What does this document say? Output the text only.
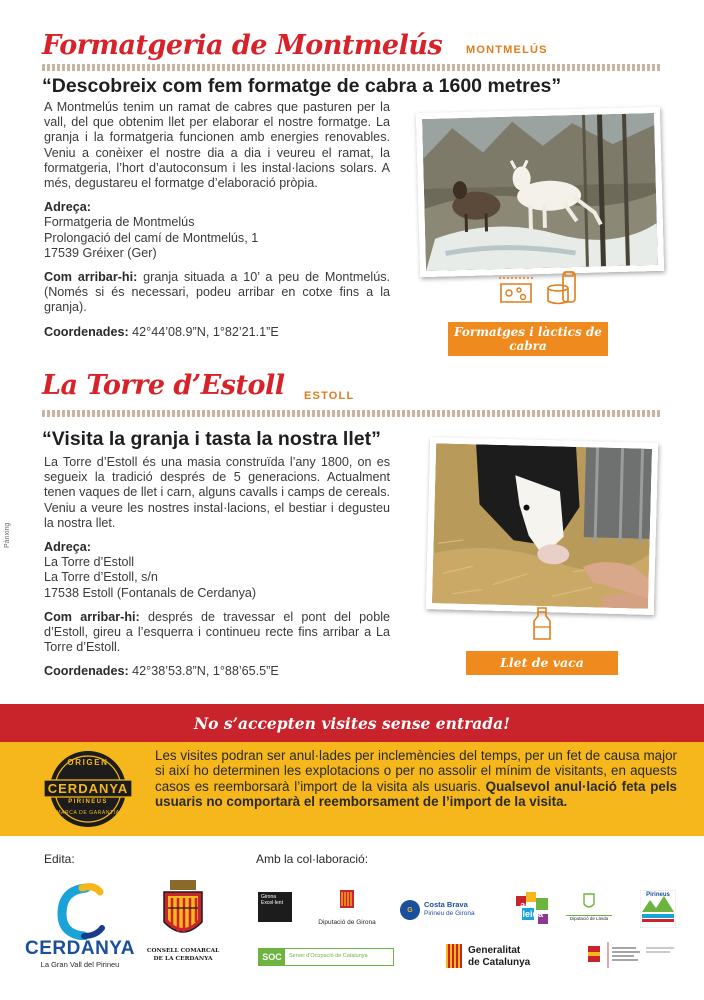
Pànxing
Formatgeria de Montmelús MONTMELÚS
“Descobreix com fem formatge de cabra a 1600 metres”

A Montmelús tenim un ramat de cabres que pasturen per la vall, del que obtenim llet per elaborar el nostre formatge. La granja i la formatgeria funcionen amb energies renovables. Veniu a conèixer el nostre dia a dia i veureu el ramat, la formatgeria, l’hort d’autoconsum i les instal·lacions solars. A més, degustareu el formatge d’elaboració pròpia.

Adreça:
Formatgeria de Montmelús
Prolongació del camí de Montmelús, 1
17539 Gréixer (Ger)

Com arribar-hi: granja situada a 10’ a peu de Montmelús. (Només si és necessari, podeu arribar en cotxe fins a la granja).

Coordenades: 42°44’08.9”N, 1°82’21.1”E	Formatges i làctics de cabra
La Torre d’Estoll ESTOLL
“Visita la granja i tasta la nostra llet”

La Torre d’Estoll és una masia construïda l’any 1800, on es segueix la tradició després de 5 generacions. Actualment tenen vaques de llet i carn, alguns cavalls i camps de cereals. Veniu a veure les nostres instal·lacions, el bestiar i degusteu la nostra llet.

Adreça:
La Torre d’Estoll
La Torre d’Estoll, s/n
17538 Estoll (Fontanals de Cerdanya)

Com arribar-hi: després de travessar el pont del poble d’Estoll, gireu a l’esquerra i continueu recte fins arribar a La Torre d’Estoll.

Coordenades: 42°38’53.8”N, 1°88’65.5”E

Llet de vaca
No s’accepten visites sense entrada!
ORIGEN
CERDANYA
PIRINEUS
MARCA DE GARANTIA
Les visites podran ser anul·lades per inclemències del temps, per un fet de causa major si així ho determinen les explotacions o per no assolir el mínim de visitants, en aquests casos es reemborsarà l’import de la visita als usuaris. Qualsevol anul·lació feta pels usuaris no comportarà el reemborsament de l’import de la visita.
Edita:	Amb la col·laboració:
CERDANYA
La Gran Vall del Pirineu
CONSELL COMARCAL
DE LA CERDANYA
Girona Excel·lent
Diputació de Girona
G
Costa Brava
Pirineu de Girona
ara
lleida	Diputació de Lleida
Pirineus
SOC	Servei d’Ocupació de Catalunya	Generalitat
de Catalunya
